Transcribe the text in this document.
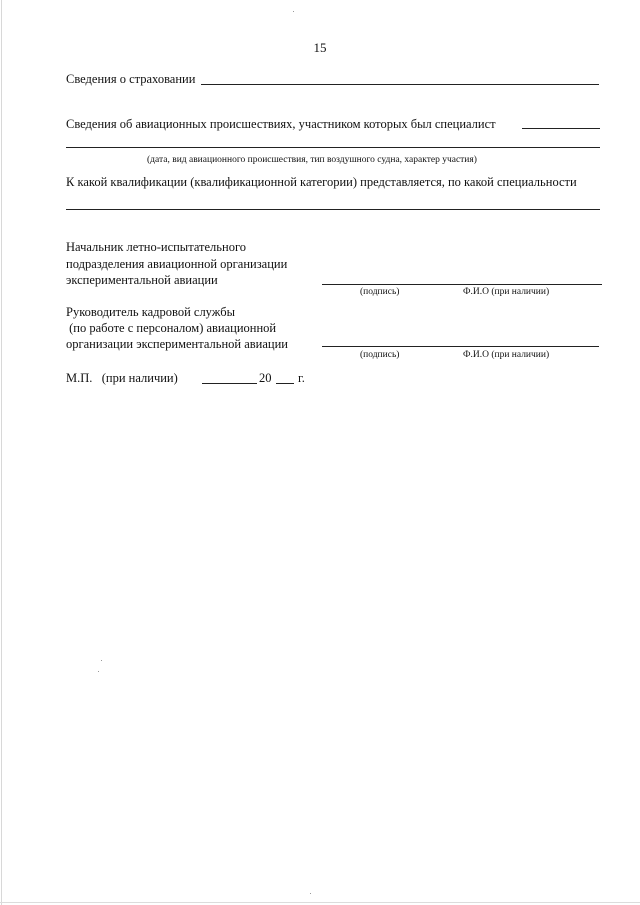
15
Сведения о страховании
Сведения об авиационных происшествиях, участником которых был специалист
(дата, вид авиационного происшествия, тип воздушного судна, характер участия)
К какой квалификации (квалификационной категории) представляется, по какой специальности
Начальник летно-испытательного
подразделения авиационной организации
экспериментальной авиации
(подпись)	Ф.И.О (при наличии)
Руководитель кадровой службы
(по работе с персоналом) авиационной
организации экспериментальной авиации
(подпись)	Ф.И.О (при наличии)
М.П.   (при наличии)	20 г.
